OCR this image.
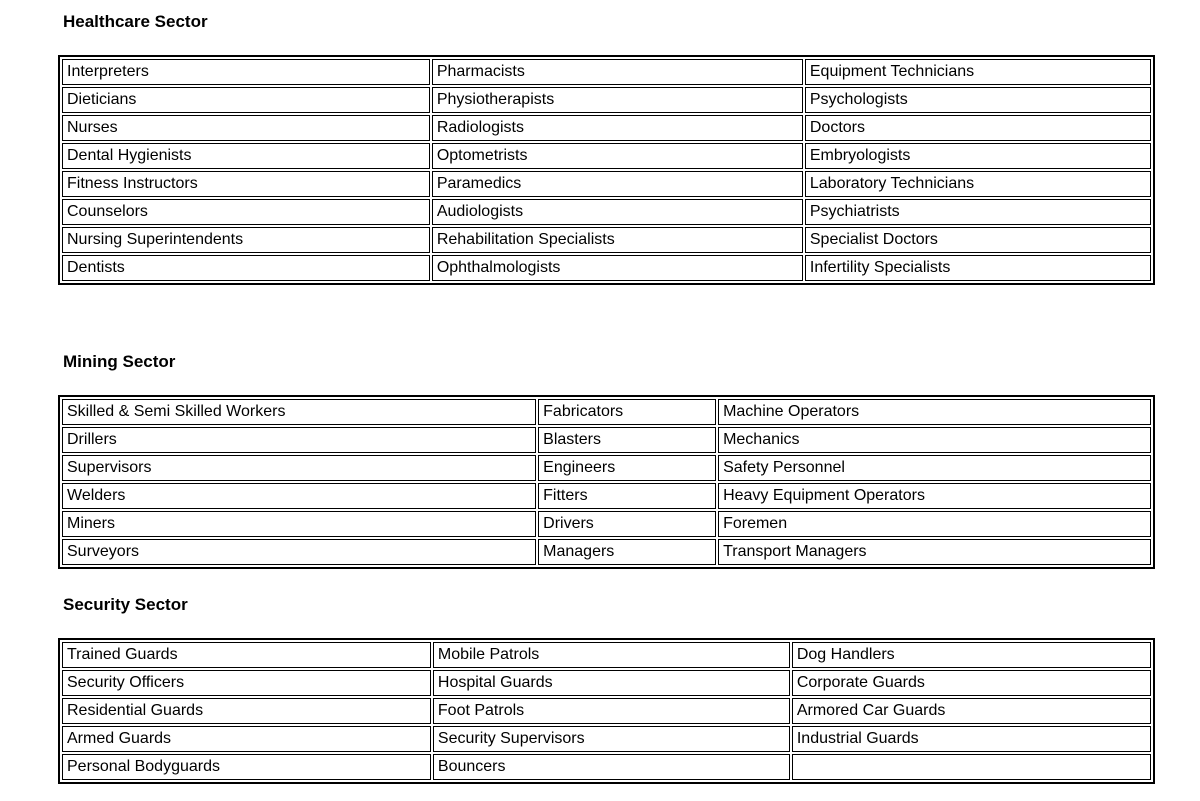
Healthcare Sector
Interpreters	Pharmacists	Equipment Technicians
Dieticians	Physiotherapists	Psychologists
Nurses	Radiologists	Doctors
Dental Hygienists	Optometrists	Embryologists
Fitness Instructors	Paramedics	Laboratory Technicians
Counselors	Audiologists	Psychiatrists
Nursing Superintendents	Rehabilitation Specialists	Specialist Doctors
Dentists	Ophthalmologists	Infertility Specialists
Mining Sector
Skilled & Semi Skilled Workers	Fabricators	Machine Operators
Drillers	Blasters	Mechanics
Supervisors	Engineers	Safety Personnel
Welders	Fitters	Heavy Equipment Operators
Miners	Drivers	Foremen
Surveyors	Managers	Transport Managers
Security Sector
Trained Guards	Mobile Patrols	Dog Handlers
Security Officers	Hospital Guards	Corporate Guards
Residential Guards	Foot Patrols	Armored Car Guards
Armed Guards	Security Supervisors	Industrial Guards
Personal Bodyguards	Bouncers	
